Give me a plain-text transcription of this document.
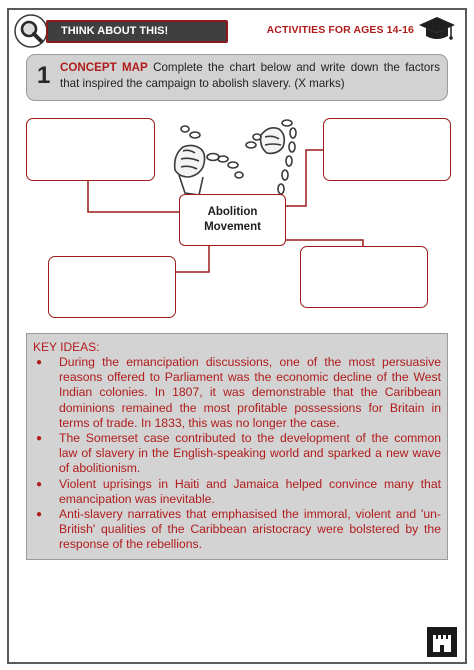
THINK ABOUT THIS!	ACTIVITIES FOR AGES 14-16
1 CONCEPT MAP Complete the chart below and write down the factors that inspired the campaign to abolish slavery. (X marks)
Abolition Movement
KEY IDEAS:
● During the emancipation discussions, one of the most persuasive reasons offered to Parliament was the economic decline of the West Indian colonies. In 1807, it was demonstrable that the Caribbean dominions remained the most profitable possessions for Britain in terms of trade. In 1833, this was no longer the case.
● The Somerset case contributed to the development of the common law of slavery in the English-speaking world and sparked a new wave of abolitionism.
● Violent uprisings in Haiti and Jamaica helped convince many that emancipation was inevitable.
● Anti-slavery narratives that emphasised the immoral, violent and 'un-British' qualities of the Caribbean aristocracy were bolstered by the response of the rebellions.
